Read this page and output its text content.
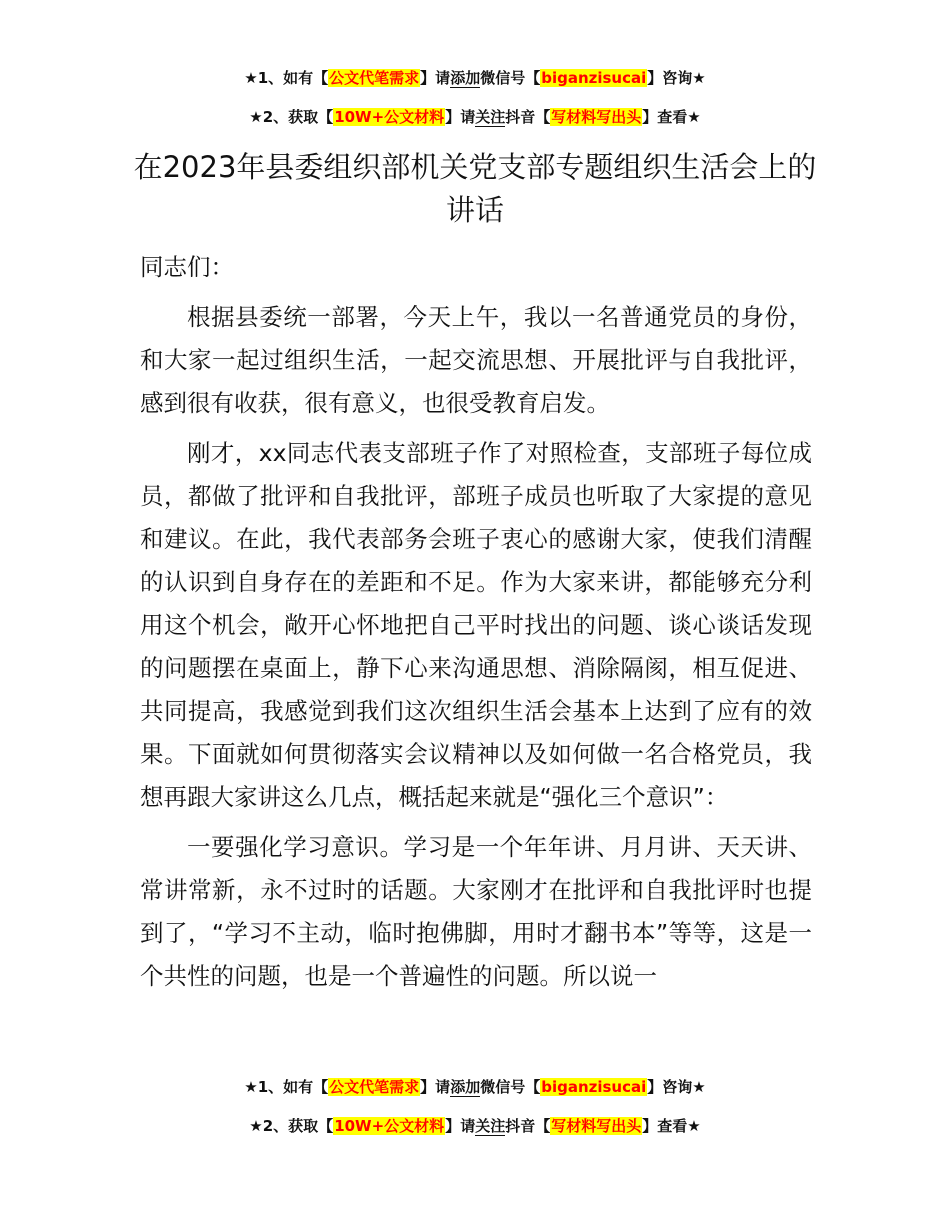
★1、如有【公文代笔需求】请添加微信号【biganzisucai】咨询★
★2、获取【10W+公文材料】请关注抖音【写材料写出头】查看★
在2023年县委组织部机关党支部专题组织生活会上的讲话

同志们：

根据县委统一部署，今天上午，我以一名普通党员的身份，和大家一起过组织生活，一起交流思想、开展批评与自我批评，感到很有收获，很有意义，也很受教育启发。

刚才，xx同志代表支部班子作了对照检查，支部班子每位成员，都做了批评和自我批评，部班子成员也听取了大家提的意见和建议。在此，我代表部务会班子衷心的感谢大家，使我们清醒的认识到自身存在的差距和不足。作为大家来讲，都能够充分利用这个机会，敞开心怀地把自己平时找出的问题、谈心谈话发现的问题摆在桌面上，静下心来沟通思想、消除隔阂，相互促进、共同提高，我感觉到我们这次组织生活会基本上达到了应有的效果。下面就如何贯彻落实会议精神以及如何做一名合格党员，我想再跟大家讲这么几点，概括起来就是“强化三个意识”：

一要强化学习意识。学习是一个年年讲、月月讲、天天讲、常讲常新，永不过时的话题。大家刚才在批评和自我批评时也提到了，“学习不主动，临时抱佛脚，用时才翻书本”等等，这是一个共性的问题，也是一个普遍性的问题。所以说一

★1、如有【公文代笔需求】请添加微信号【biganzisucai】咨询★
★2、获取【10W+公文材料】请关注抖音【写材料写出头】查看★
